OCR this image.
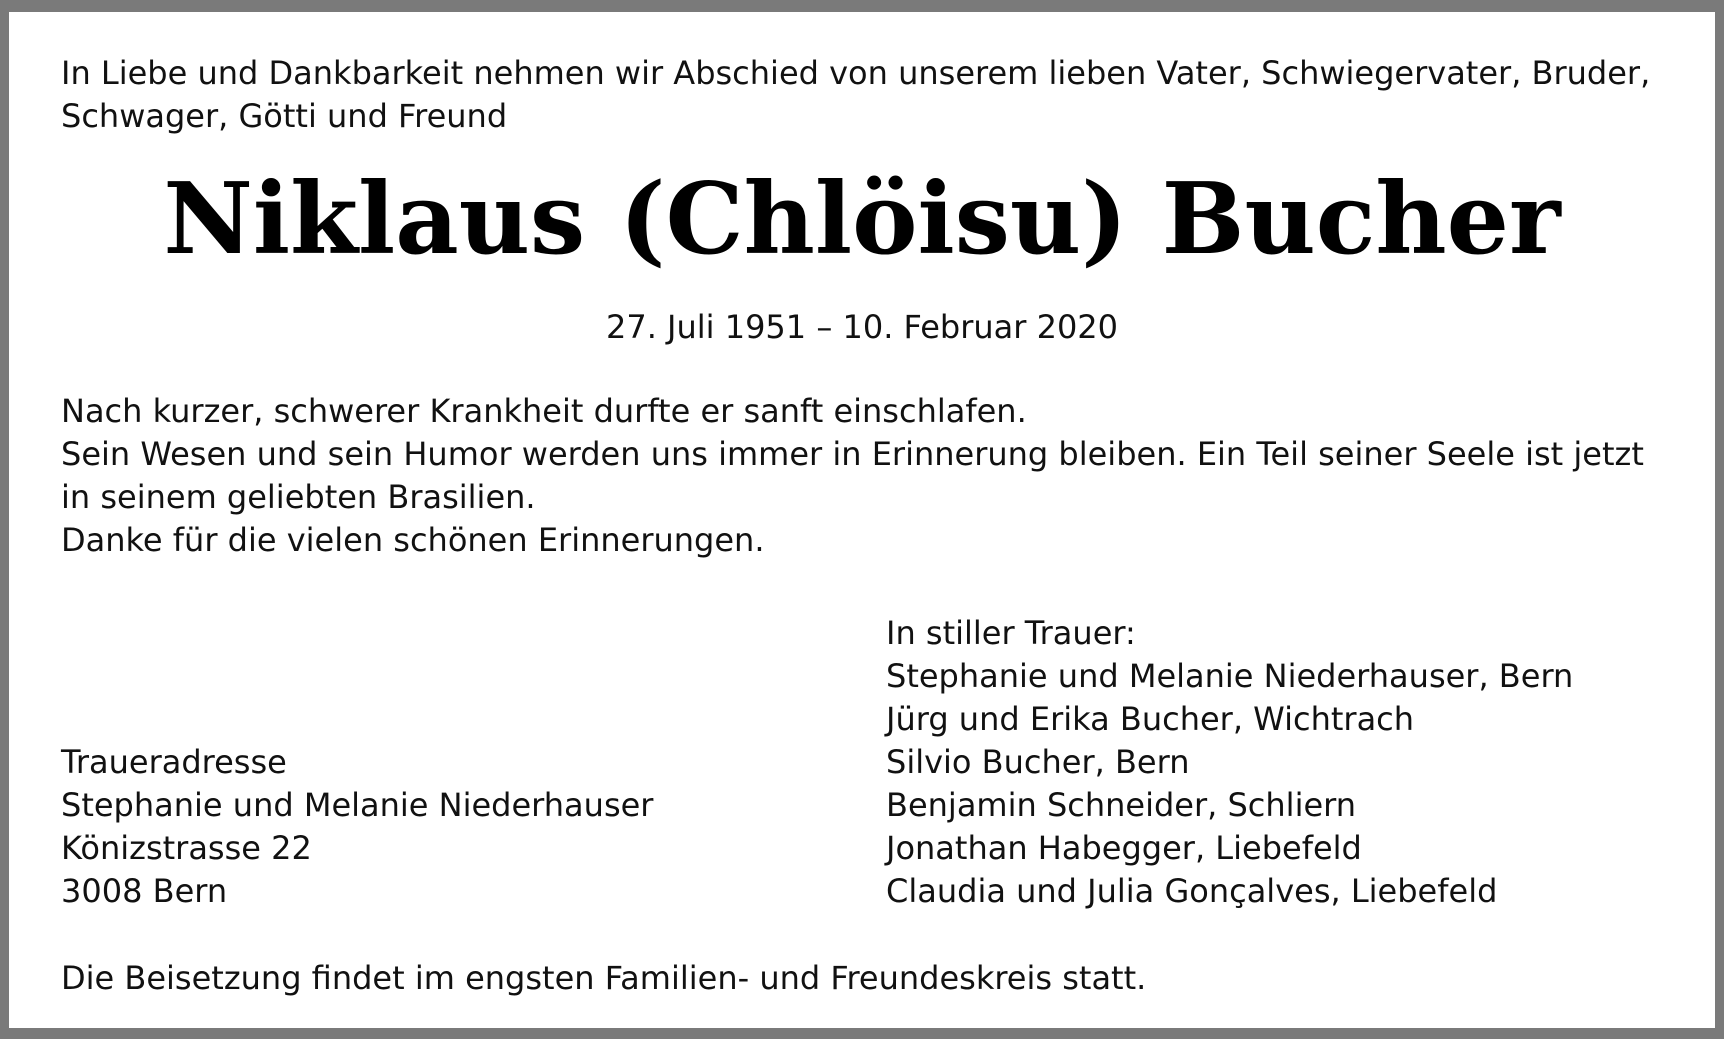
In Liebe und Dankbarkeit nehmen wir Abschied von unserem lieben Vater, Schwiegervater, Bruder, Schwager, Götti und Freund

Niklaus (Chlöisu) Bucher

27. Juli 1951 – 10. Februar 2020

Nach kurzer, schwerer Krankheit durfte er sanft einschlafen.

Sein Wesen und sein Humor werden uns immer in Erinnerung bleiben. Ein Teil seiner Seele ist jetzt in seinem geliebten Brasilien.

Danke für die vielen schönen Erinnerungen.

In stiller Trauer:

Stephanie und Melanie Niederhauser, Bern

Jürg und Erika Bucher, Wichtrach

Silvio Bucher, Bern

Benjamin Schneider, Schliern

Jonathan Habegger, Liebefeld

Claudia und Julia Gonçalves, Liebefeld

Traueradresse

Stephanie und Melanie Niederhauser

Könizstrasse 22

3008 Bern

Die Beisetzung findet im engsten Familien- und Freundeskreis statt.
